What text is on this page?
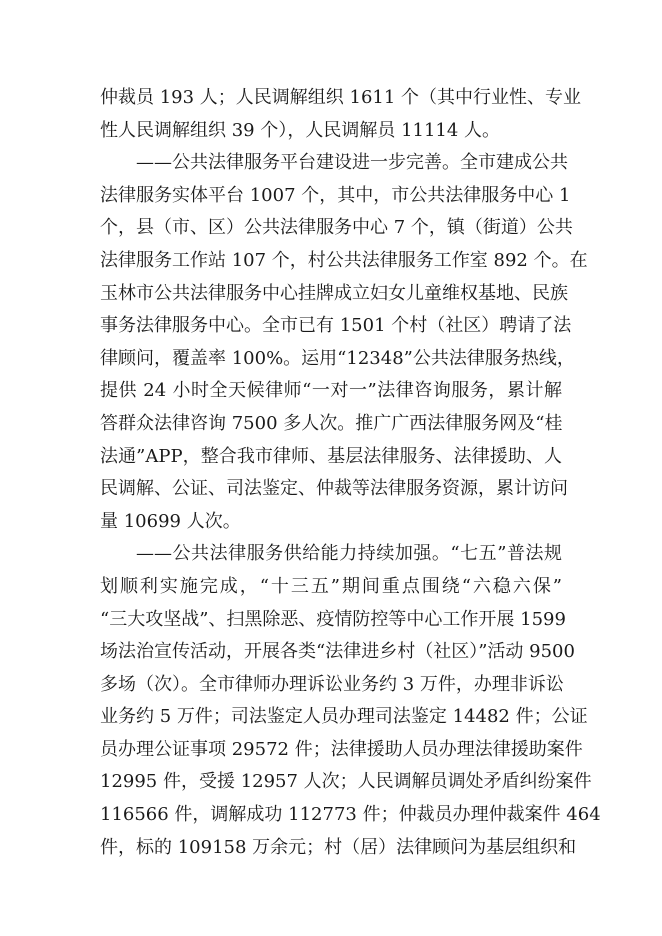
仲裁员 193 人；人民调解组织 1611 个（其中行业性、专业
性人民调解组织 39 个），人民调解员 11114 人。
——公共法律服务平台建设进一步完善。全市建成公共
法律服务实体平台 1007 个，其中，市公共法律服务中心 1
个，县（市、区）公共法律服务中心 7 个，镇（街道）公共
法律服务工作站 107 个，村公共法律服务工作室 892 个。在
玉林市公共法律服务中心挂牌成立妇女儿童维权基地、民族
事务法律服务中心。全市已有 1501 个村（社区）聘请了法
律顾问，覆盖率 100%。运用“12348”公共法律服务热线，
提供 24 小时全天候律师“一对一”法律咨询服务，累计解
答群众法律咨询 7500 多人次。推广广西法律服务网及“桂
法通”APP，整合我市律师、基层法律服务、法律援助、人
民调解、公证、司法鉴定、仲裁等法律服务资源，累计访问
量 10699 人次。
——公共法律服务供给能力持续加强。“七五”普法规
划顺利实施完成，“十三五”期间重点围绕“六稳六保”
“三大攻坚战”、扫黑除恶、疫情防控等中心工作开展 1599
场法治宣传活动，开展各类“法律进乡村（社区）”活动 9500
多场（次）。全市律师办理诉讼业务约 3 万件，办理非诉讼
业务约 5 万件；司法鉴定人员办理司法鉴定 14482 件；公证
员办理公证事项 29572 件；法律援助人员办理法律援助案件
12995 件，受援 12957 人次；人民调解员调处矛盾纠纷案件
116566 件，调解成功 112773 件；仲裁员办理仲裁案件 464
件，标的 109158 万余元；村（居）法律顾问为基层组织和
